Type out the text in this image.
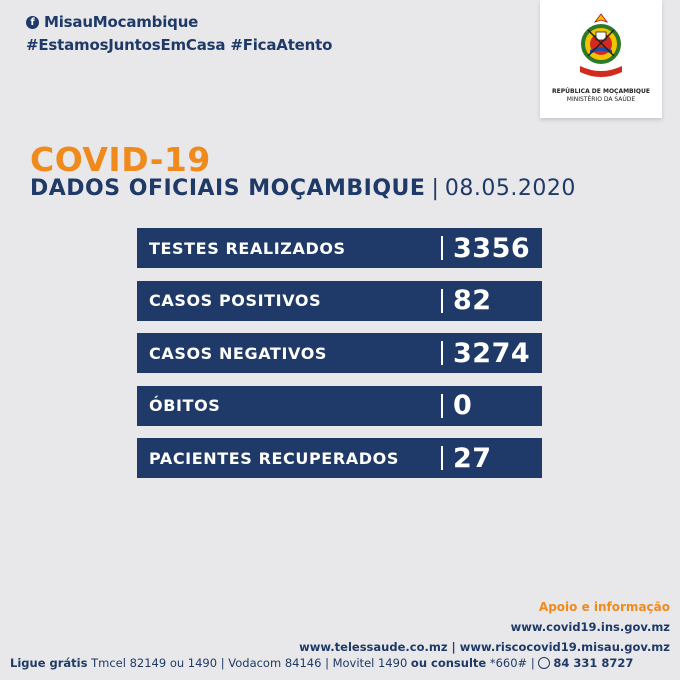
f MisauMocambique
#EstamosJuntosEmCasa #FicaAtento
REPÚBLICA DE MOÇAMBIQUE
MINISTÉRIO DA SAÚDE
COVID-19
DADOS OFICIAIS MOÇAMBIQUE | 08.05.2020
TESTES REALIZADOS	3356
CASOS POSITIVOS	82
CASOS NEGATIVOS	3274
ÓBITOS	0
PACIENTES RECUPERADOS	27
Apoio e informação
www.covid19.ins.gov.mz
www.telessaude.co.mz | www.riscocovid19.misau.gov.mz
Ligue grátis Tmcel 82149 ou 1490 | Vodacom 84146 | Movitel 1490 ou consulte *660# | 84 331 8727
